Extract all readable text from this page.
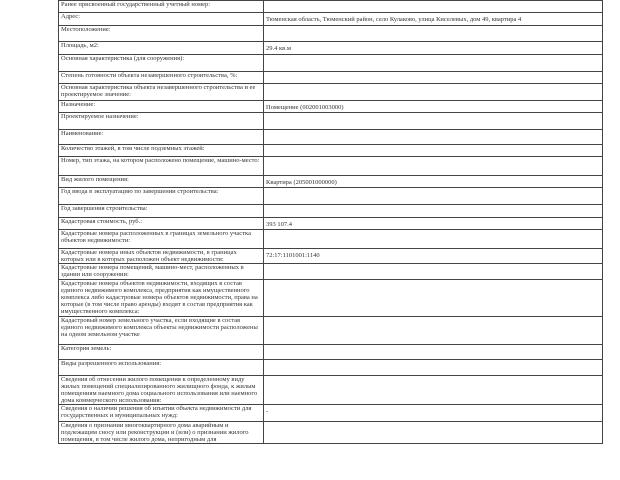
Ранее присвоенный государственный учетный номер:	
Адрес:	Тюменская область, Тюменский район, село Кулаково, улица Киселевых, дом 49, квартира 4
Местоположение:	
Площадь, м2:	29.4 кв.м
Основная характеристика (для сооружения):	
Степень готовности объекта незавершенного строительства, %:	
Основная характеристика объекта незавершенного строительства и ее проектируемое значение:	
Назначение:	Помещение (002001003000)
Проектируемое назначение:	
Наименование:	
Количество этажей, в том числе подземных этажей:	
Номер, тип этажа, на котором расположено помещение, машино-место:	
Вид жилого помещения:	Квартира (205001000000)
Год ввода в эксплуатацию по завершении строительства:	
Год завершения строительства:	
Кадастровая стоимость, руб.:	393 107.4
Кадастровые номера расположенных в границах земельного участка объектов недвижимости:	
Кадастровые номера иных объектов недвижимости, в границах которых или в которых расположен объект недвижимости:	72:17:1101001:1140
Кадастровые номера помещений, машино-мест, расположенных в здании или сооружении:	
Кадастровые номера объектов недвижимости, входящих в состав единого недвижимого комплекса, предприятия как имущественного комплекса либо кадастровые номера объектов недвижимости, права на которые (в том числе право аренды) входят в состав предприятия как имущественного комплекса:	
Кадастровый номер земельного участка, если входящие в состав единого недвижимого комплекса объекты недвижимости расположены на одном земельном участке	
Категория земель:	
Виды разрешенного использования:	
Сведения об отнесении жилого помещения к определенному виду жилых помещений специализированного жилищного фонда, к жилым помещениям наемного дома социального использования или наемного дома коммерческого использования:	
Сведения о наличии решения об изъятии объекта недвижимости для государственных и муниципальных нужд:	-
Сведения о признании многоквартирного дома аварийным и подлежащим сносу или реконструкции и (или) о признании жилого помещения, в том числе жилого дома, непригодным для	
